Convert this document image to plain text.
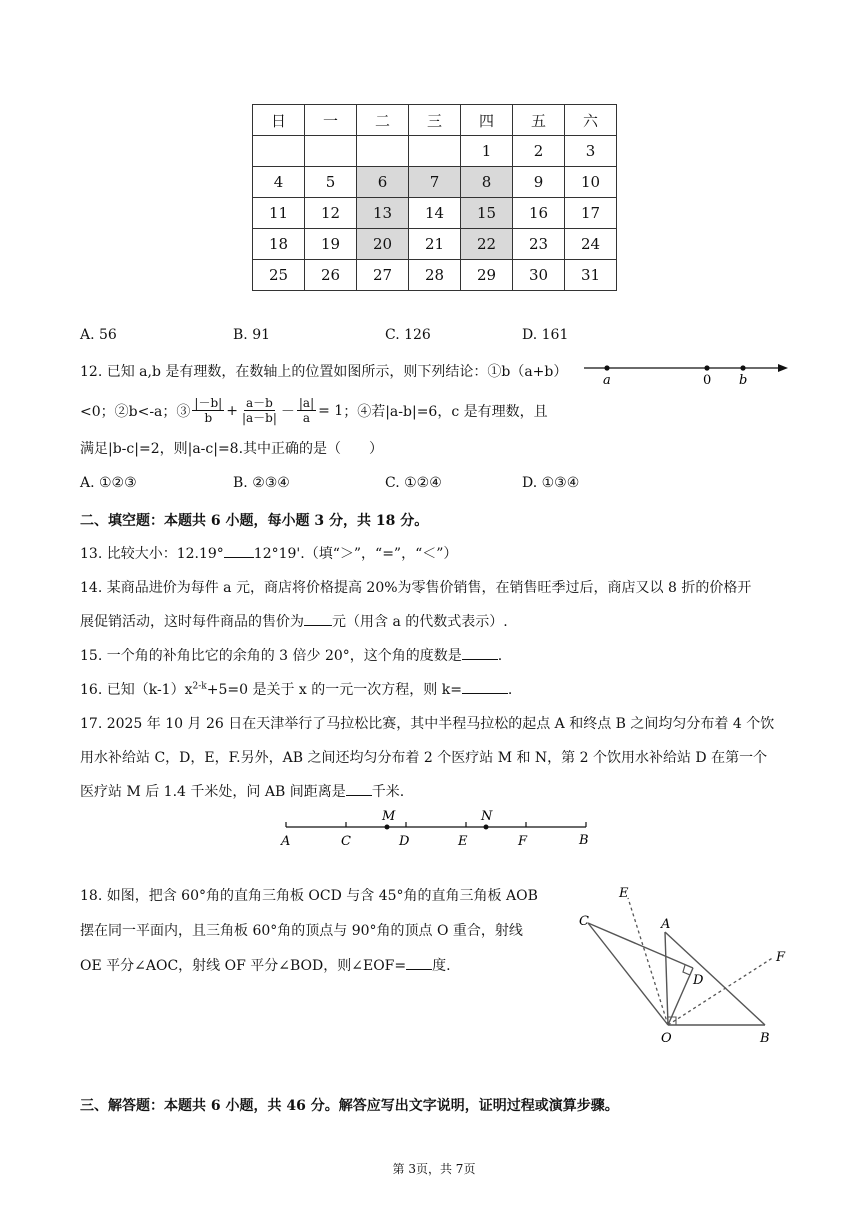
日	一	二	三	四	五	六
				1	2	3
4	5	6	7	8	9	10
11	12	13	14	15	16	17
18	19	20	21	22	23	24
25	26	27	28	29	30	31
A. 56	B. 91	C. 126	D. 161
12. 已知 a,b 是有理数，在数轴上的位置如图所示，则下列结论：①b（a+b）
<0；②b<-a；③ $\frac{|-b|}{b} + \frac{a-b}{|a-b|} - \frac{|a|}{a} = 1$ ；④若|a-b|=6，c 是有理数，且
满足|b-c|=2，则|a-c|=8.其中正确的是（　　）
a	0 b
A. ①②③	B. ②③④	C. ①②④	D. ①③④
二、填空题：本题共 6 小题，每小题 3 分，共 18 分。
13. 比较大小：12.19° 12°19'.（填“＞”，“=”，“＜”）
14. 某商品进价为每件 a 元，商店将价格提高 20%为零售价销售，在销售旺季过后，商店又以 8 折的价格开
展促销活动，这时每件商品的售价为 元（用含 a 的代数式表示）.
15. 一个角的补角比它的余角的 3 倍少 20°，这个角的度数是	.
16. 已知$(k-1)x^{2-k}+5=0$ 是关于 x 的一元一次方程，则 k=	.
17. 2025 年 10 月 26 日在天津举行了马拉松比赛，其中半程马拉松的起点 A 和终点 B 之间均匀分布着 4 个饮
用水补给站 C，D，E，F.另外，AB 之间还均匀分布着 2 个医疗站 M 和 N，第 2 个饮用水补给站 D 在第一个
医疗站 M 后 1.4 千米处，问 AB 间距离是 千米.
M	N
A	C	D	E	F	B
18. 如图，把含 60°角的直角三角板 OCD 与含 45°角的直角三角板 AOB
摆在同一平面内，且三角板 60°角的顶点与 90°角的顶点 O 重合，射线
OE 平分∠AOC，射线 OF 平分∠BOD，则∠EOF= 度.
E
C	A
F
D
O	B
三、解答题：本题共 6 小题，共 46 分。解答应写出文字说明，证明过程或演算步骤。
第 3页，共 7页
